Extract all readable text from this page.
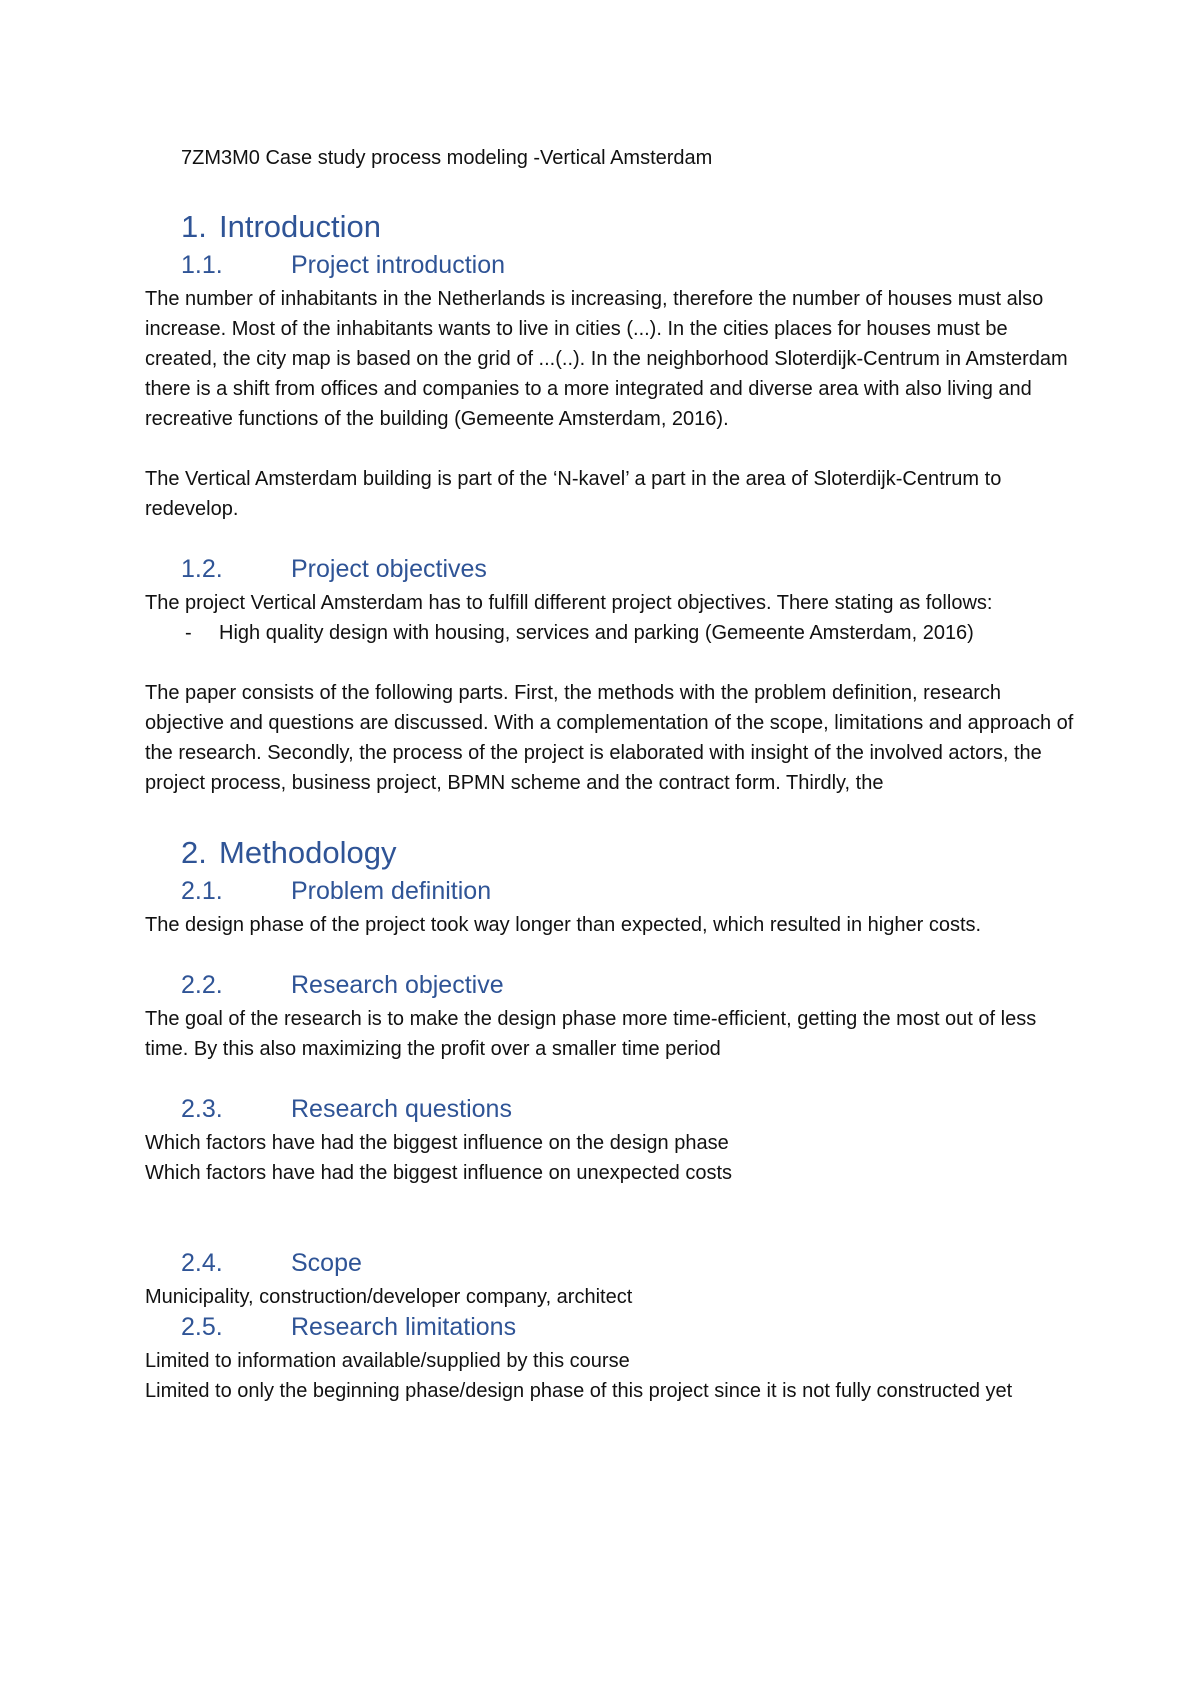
7ZM3M0 Case study process modeling -Vertical Amsterdam

1. Introduction
1.1.	Project introduction

The number of inhabitants in the Netherlands is increasing, therefore the number of houses must also increase. Most of the inhabitants wants to live in cities (...). In the cities places for houses must be created, the city map is based on the grid of ...(..). In the neighborhood Sloterdijk-Centrum in Amsterdam there is a shift from offices and companies to a more integrated and diverse area with also living and recreative functions of the building (Gemeente Amsterdam, 2016).

The Vertical Amsterdam building is part of the ‘N-kavel’ a part in the area of Sloterdijk-Centrum to redevelop.

1.2.	Project objectives

The project Vertical Amsterdam has to fulfill different project objectives. There stating as follows:

-	High quality design with housing, services and parking (Gemeente Amsterdam, 2016)

The paper consists of the following parts. First, the methods with the problem definition, research objective and questions are discussed. With a complementation of the scope, limitations and approach of the research. Secondly, the process of the project is elaborated with insight of the involved actors, the project process, business project, BPMN scheme and the contract form. Thirdly, the

2. Methodology
2.1.	Problem definition

The design phase of the project took way longer than expected, which resulted in higher costs.

2.2.	Research objective

The goal of the research is to make the design phase more time-efficient, getting the most out of less time. By this also maximizing the profit over a smaller time period

2.3.	Research questions

Which factors have had the biggest influence on the design phase

Which factors have had the biggest influence on unexpected costs

2.4.	Scope

Municipality, construction/developer company, architect

2.5.	Research limitations

Limited to information available/supplied by this course

Limited to only the beginning phase/design phase of this project since it is not fully constructed yet
